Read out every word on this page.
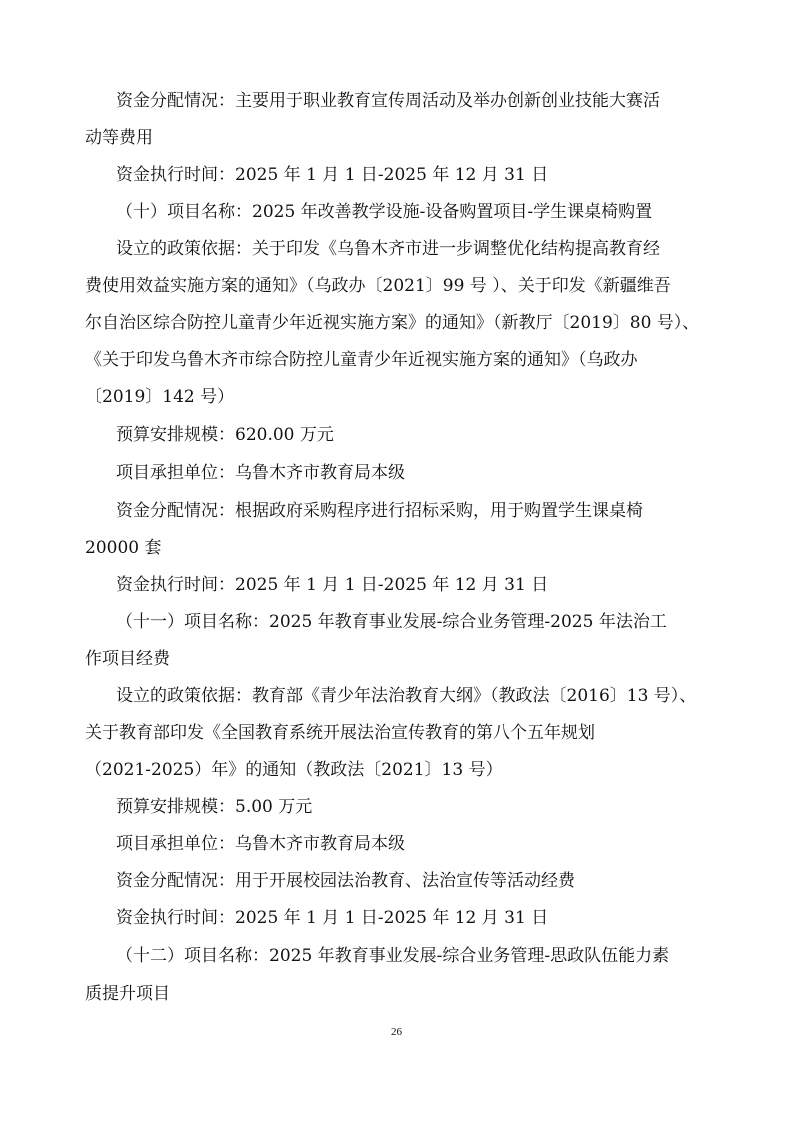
资金分配情况：主要用于职业教育宣传周活动及举办创新创业技能大赛活
动等费用
资金执行时间：2025 年 1 月 1 日-2025 年 12 月 31 日
（十）项目名称：2025 年改善教学设施-设备购置项目-学生课桌椅购置
设立的政策依据：关于印发《乌鲁木齐市进一步调整优化结构提高教育经
费使用效益实施方案的通知》（乌政办〔2021〕99 号 ）、关于印发《新疆维吾
尔自治区综合防控儿童青少年近视实施方案》的通知》（新教厅〔2019〕80 号）、
《关于印发乌鲁木齐市综合防控儿童青少年近视实施方案的通知》（乌政办
〔2019〕142 号）
预算安排规模：620.00 万元
项目承担单位：乌鲁木齐市教育局本级
资金分配情况：根据政府采购程序进行招标采购，用于购置学生课桌椅
20000 套
资金执行时间：2025 年 1 月 1 日-2025 年 12 月 31 日
（十一）项目名称：2025 年教育事业发展-综合业务管理-2025 年法治工
作项目经费
设立的政策依据：教育部《青少年法治教育大纲》（教政法〔2016〕13 号）、
关于教育部印发《全国教育系统开展法治宣传教育的第八个五年规划
（2021-2025）年》的通知（教政法〔2021〕13 号）
预算安排规模：5.00 万元
项目承担单位：乌鲁木齐市教育局本级
资金分配情况：用于开展校园法治教育、法治宣传等活动经费
资金执行时间：2025 年 1 月 1 日-2025 年 12 月 31 日
（十二）项目名称：2025 年教育事业发展-综合业务管理-思政队伍能力素
质提升项目
26
